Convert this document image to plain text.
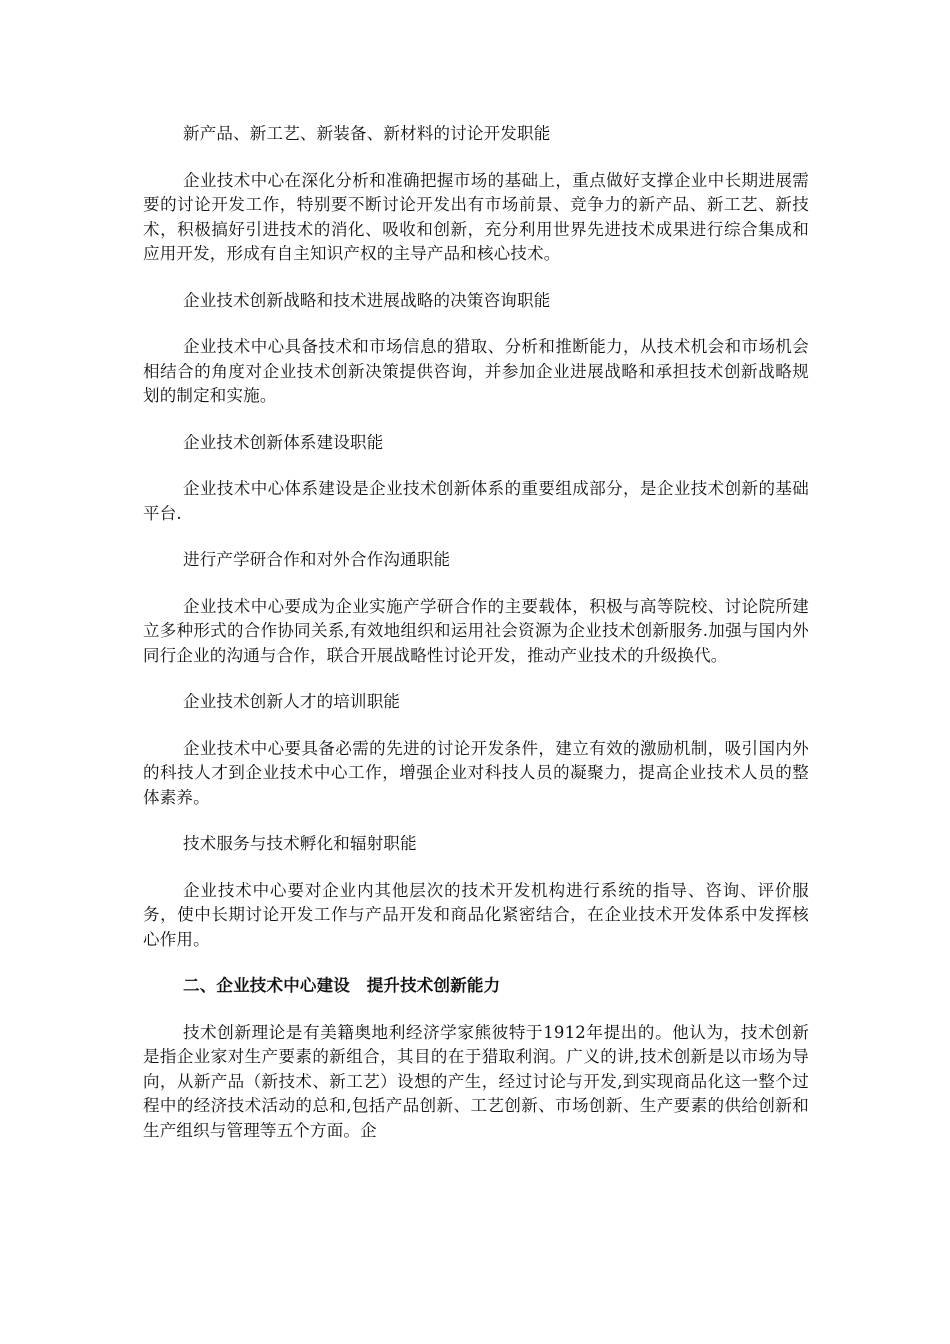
新产品、新工艺、新装备、新材料的讨论开发职能

企业技术中心在深化分析和准确把握市场的基础上，重点做好支撑企业中长期进展需要的讨论开发工作，特别要不断讨论开发出有市场前景、竞争力的新产品、新工艺、新技术，积极搞好引进技术的消化、吸收和创新，充分利用世界先进技术成果进行综合集成和应用开发，形成有自主知识产权的主导产品和核心技术。

企业技术创新战略和技术进展战略的决策咨询职能

企业技术中心具备技术和市场信息的猎取、分析和推断能力，从技术机会和市场机会相结合的角度对企业技术创新决策提供咨询，并参加企业进展战略和承担技术创新战略规划的制定和实施。

企业技术创新体系建设职能

企业技术中心体系建设是企业技术创新体系的重要组成部分，是企业技术创新的基础平台.

进行产学研合作和对外合作沟通职能

企业技术中心要成为企业实施产学研合作的主要载体，积极与高等院校、讨论院所建立多种形式的合作协同关系,有效地组织和运用社会资源为企业技术创新服务.加强与国内外同行企业的沟通与合作，联合开展战略性讨论开发，推动产业技术的升级换代。

企业技术创新人才的培训职能

企业技术中心要具备必需的先进的讨论开发条件，建立有效的激励机制，吸引国内外的科技人才到企业技术中心工作，增强企业对科技人员的凝聚力，提高企业技术人员的整体素养。

技术服务与技术孵化和辐射职能

企业技术中心要对企业内其他层次的技术开发机构进行系统的指导、咨询、评价服务，使中长期讨论开发工作与产品开发和商品化紧密结合，在企业技术开发体系中发挥核心作用。

二、企业技术中心建设　提升技术创新能力

技术创新理论是有美籍奥地利经济学家熊彼特于1912年提出的。他认为，技术创新是指企业家对生产要素的新组合，其目的在于猎取利润。广义的讲,技术创新是以市场为导向，从新产品（新技术、新工艺）设想的产生，经过讨论与开发,到实现商品化这一整个过程中的经济技术活动的总和,包括产品创新、工艺创新、市场创新、生产要素的供给创新和生产组织与管理等五个方面。企
